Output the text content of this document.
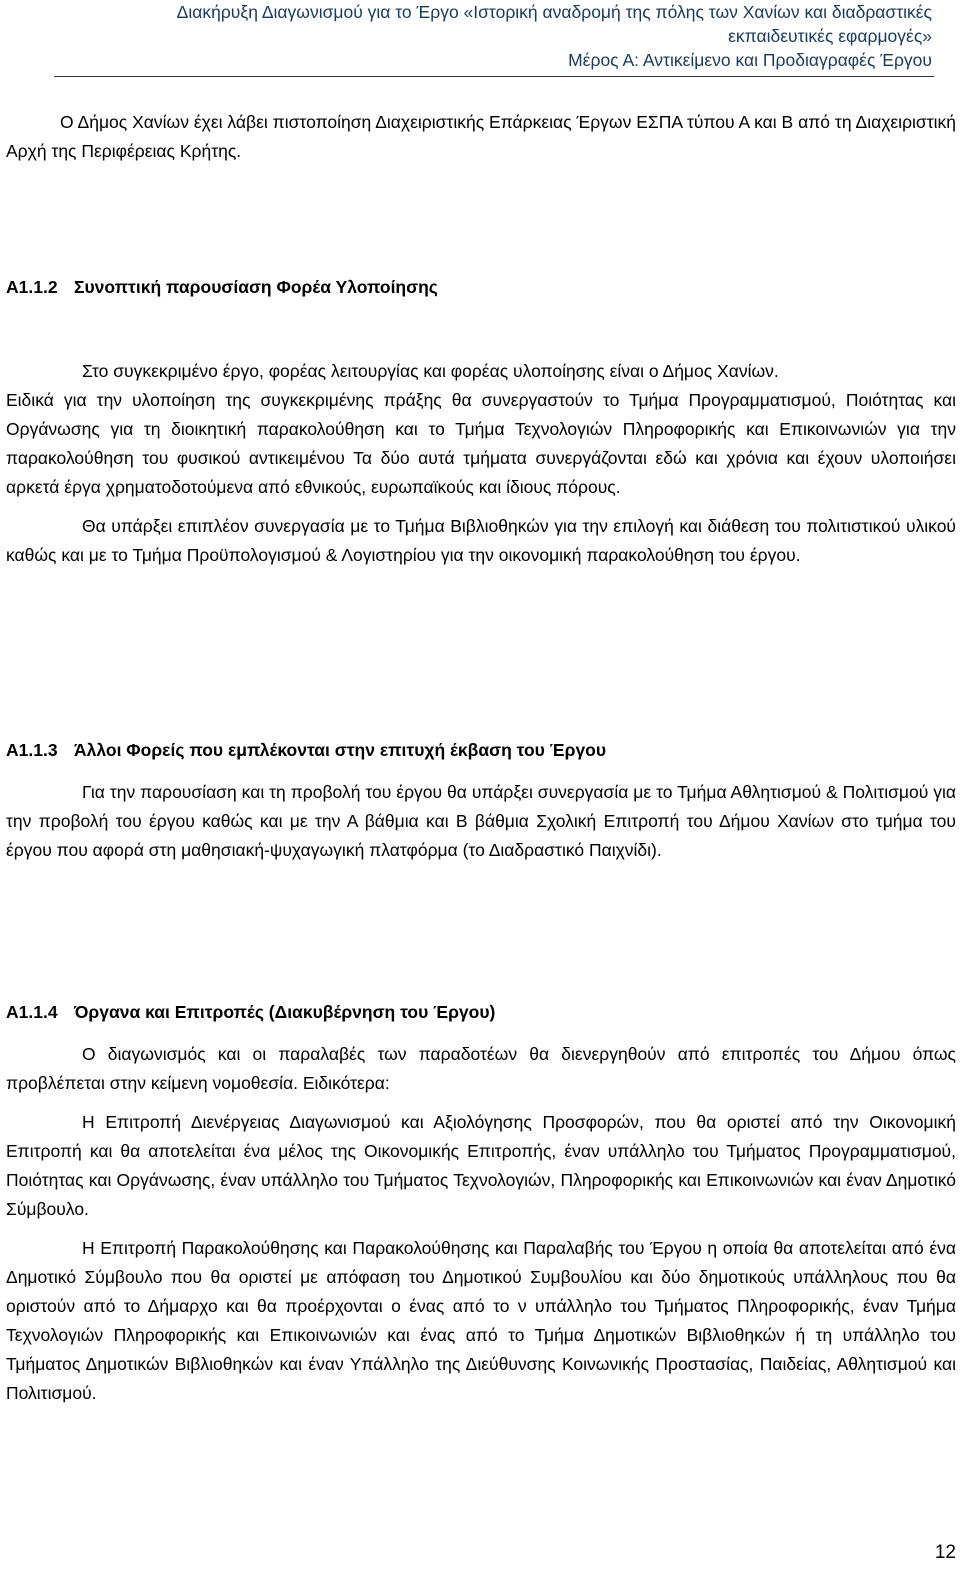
Διακήρυξη Διαγωνισμού για το Έργο «Ιστορική αναδρομή της πόλης των Χανίων και διαδραστικές
εκπαιδευτικές εφαρμογές»
Μέρος Α: Αντικείμενο και Προδιαγραφές Έργου

Ο Δήμος Χανίων έχει λάβει πιστοποίηση Διαχειριστικής Επάρκειας Έργων ΕΣΠΑ τύπου Α και Β από τη Διαχειριστική Αρχή της Περιφέρειας Κρήτης.

A1.1.2 Συνοπτική παρουσίαση Φορέα Υλοποίησης

Στο συγκεκριμένο έργο, φορέας λειτουργίας και φορέας υλοποίησης είναι ο Δήμος Χανίων.

Ειδικά για την υλοποίηση της συγκεκριμένης πράξης θα συνεργαστούν το Τμήμα Προγραμματισμού, Ποιότητας και Οργάνωσης για τη διοικητική παρακολούθηση και το Τμήμα Τεχνολογιών Πληροφορικής και Επικοινωνιών για την παρακολούθηση του φυσικού αντικειμένου Τα δύο αυτά τμήματα συνεργάζονται εδώ και χρόνια και έχουν υλοποιήσει αρκετά έργα χρηματοδοτούμενα από εθνικούς, ευρωπαϊκούς και ίδιους πόρους.

Θα υπάρξει επιπλέον συνεργασία με το Τμήμα Βιβλιοθηκών για την επιλογή και διάθεση του πολιτιστικού υλικού καθώς και με το Τμήμα Προϋπολογισμού & Λογιστηρίου για την οικονομική παρακολούθηση του έργου.

A1.1.3 Άλλοι Φορείς που εμπλέκονται στην επιτυχή έκβαση του Έργου

Για την παρουσίαση και τη προβολή του έργου θα υπάρξει συνεργασία με το Τμήμα Αθλητισμού & Πολιτισμού για την προβολή του έργου καθώς και με την Α βάθμια και Β βάθμια Σχολική Επιτροπή του Δήμου Χανίων στο τμήμα του έργου που αφορά στη μαθησιακή-ψυχαγωγική πλατφόρμα (το Διαδραστικό Παιχνίδι).

A1.1.4 Όργανα και Επιτροπές (Διακυβέρνηση του Έργου)

Ο διαγωνισμός και οι παραλαβές των παραδοτέων θα διενεργηθούν από επιτροπές του Δήμου όπως προβλέπεται στην κείμενη νομοθεσία. Ειδικότερα:

Η Επιτροπή Διενέργειας Διαγωνισμού και Αξιολόγησης Προσφορών, που θα οριστεί από την Οικονομική Επιτροπή και θα αποτελείται ένα μέλος της Οικονομικής Επιτροπής, έναν υπάλληλο του Τμήματος Προγραμματισμού, Ποιότητας και Οργάνωσης, έναν υπάλληλο του Τμήματος Τεχνολογιών, Πληροφορικής και Επικοινωνιών και έναν Δημοτικό Σύμβουλο.

Η Επιτροπή Παρακολούθησης και Παρακολούθησης και Παραλαβής του Έργου η οποία θα αποτελείται από ένα Δημοτικό Σύμβουλο που θα οριστεί με απόφαση του Δημοτικού Συμβουλίου και δύο δημοτικούς υπάλληλους που θα οριστούν από το Δήμαρχο και θα προέρχονται ο ένας από το ν υπάλληλο του Τμήματος Πληροφορικής, έναν Τμήμα Τεχνολογιών Πληροφορικής και Επικοινωνιών και ένας από το Τμήμα Δημοτικών Βιβλιοθηκών ή τη υπάλληλο του Τμήματος Δημοτικών Βιβλιοθηκών και έναν Υπάλληλο της Διεύθυνσης Κοινωνικής Προστασίας, Παιδείας, Αθλητισμού και Πολιτισμού.

12
